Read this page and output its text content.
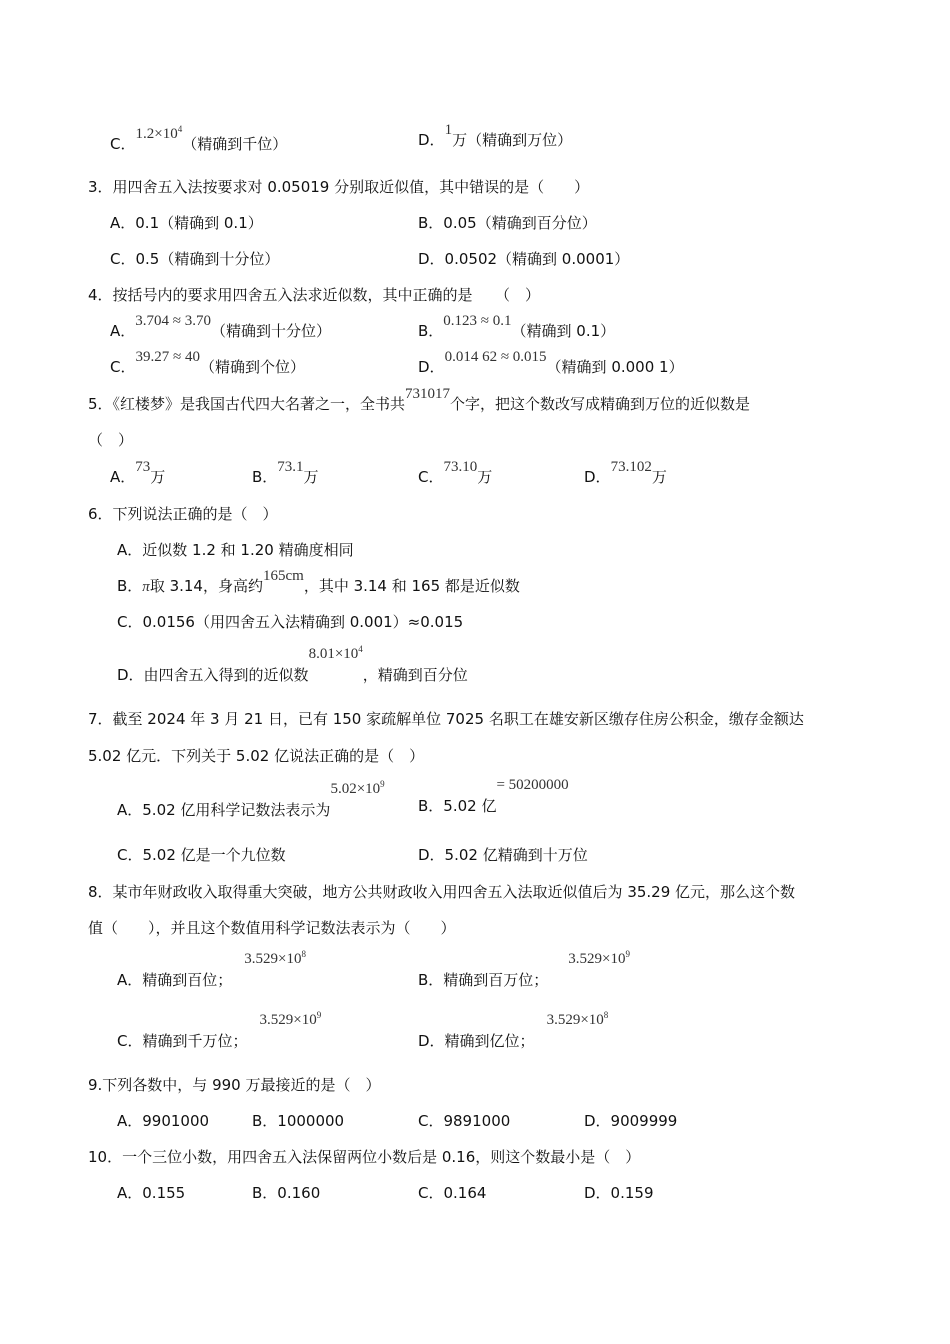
C．$1.2\times 10^4$（精确到千位）	D．1万（精确到万位）
3．用四舍五入法按要求对 0.05019 分别取近似值，其中错误的是（　　）
A．0.1（精确到 0.1）	B．0.05（精确到百分位）
C．0.5（精确到十分位）	D．0.0502（精确到 0.0001）
4．按括号内的要求用四舍五入法求近似数，其中正确的是　　（　）
A．3.704 ≈ 3.70（精确到十分位）	B．0.123 ≈ 0.1（精确到 0.1）
C．39.27 ≈ 40（精确到个位）	D．0.014 62 ≈ 0.015（精确到 0.000 1）
5．《红楼梦》是我国古代四大名著之一，全书共731017个字，把这个数改写成精确到万位的近似数是
（　）
A．73万	B．73.1万	C．73.10万	D．73.102万
6．下列说法正确的是（　）
A．近似数 1.2 和 1.20 精确度相同
B．π取 3.14，身高约165cm，其中 3.14 和 165 都是近似数
C．0.0156（用四舍五入法精确到 0.001）≈0.015
D．由四舍五入得到的近似数$8.01\times 10^4$，精确到百分位
7．截至 2024 年 3 月 21 日，已有 150 家疏解单位 7025 名职工在雄安新区缴存住房公积金，缴存金额达
5.02 亿元．下列关于 5.02 亿说法正确的是（　）
A．5.02 亿用科学记数法表示为$5.02\times 10^9$
B．5.02 亿= 50200000
C．5.02 亿是一个九位数	D．5.02 亿精确到十万位
8．某市年财政收入取得重大突破，地方公共财政收入用四舍五入法取近似值后为 35.29 亿元，那么这个数
值（　　），并且这个数值用科学记数法表示为（　　）
A．精确到百位；$3.529\times 10^8$
B．精确到百万位；$3.529\times 10^9$
C．精确到千万位；$3.529\times 10^9$
D．精确到亿位；$3.529\times 10^8$
9.下列各数中，与 990 万最接近的是（　）
A．9901000	B．1000000	C．9891000	D．9009999
10．一个三位小数，用四舍五入法保留两位小数后是 0.16，则这个数最小是（　）
A．0.155	B．0.160	C．0.164	D．0.159
